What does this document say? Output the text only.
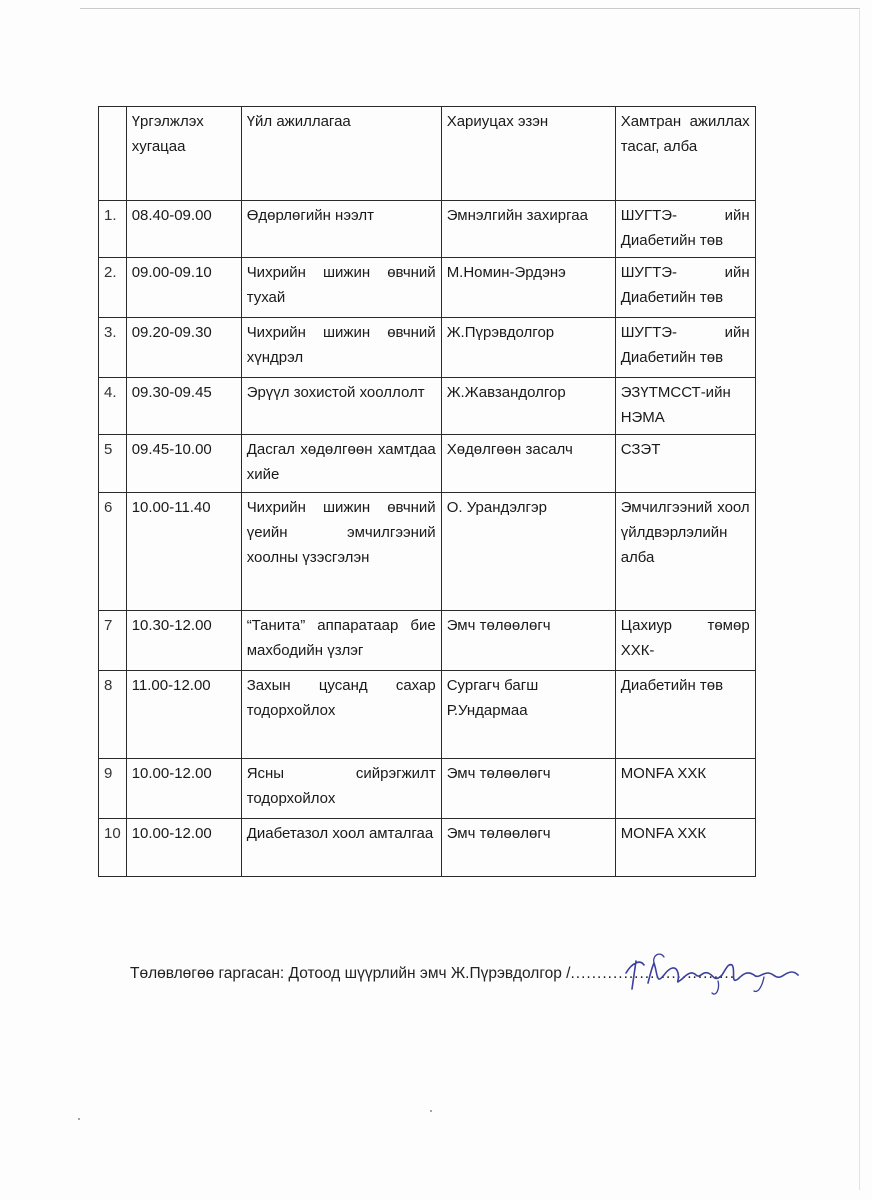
	Үргэлжлэх хугацаа	Үйл ажиллагаа	Хариуцах эзэн	Хамтран ажиллах тасаг, алба
1.	08.40-09.00	Өдөрлөгийн нээлт	Эмнэлгийн захиргаа	ШУГТЭ- ийн Диабетийн төв
2.	09.00-09.10	Чихрийн шижин өвчний тухай	М.Номин-Эрдэнэ	ШУГТЭ- ийн Диабетийн төв
3.	09.20-09.30	Чихрийн шижин өвчний хүндрэл	Ж.Пүрэвдолгор	ШУГТЭ- ийн Диабетийн төв
4.	09.30-09.45	Эрүүл зохистой хооллолт	Ж.Жавзандолгор	ЭЗҮТМССТ-ийн НЭМА
5	09.45-10.00	Дасгал хөдөлгөөн хамтдаа хийе	Хөдөлгөөн засалч	СЗЭТ
6	10.00-11.40	Чихрийн шижин өвчний үеийн эмчилгээний хоолны үзэсгэлэн	О. Урандэлгэр	Эмчилгээний хоол үйлдвэрлэлийн алба
7	10.30-12.00	“Танита” аппаратаар бие махбодийн үзлэг	Эмч төлөөлөгч	Цахиур төмөр ХХК-
8	11.00-12.00	Захын цусанд сахар тодорхойлох	Сургагч багш Р.Ундармаа	Диабетийн төв
9	10.00-12.00	Ясны сийрэгжилт тодорхойлох	Эмч төлөөлөгч	MONFA ХХК
10	10.00-12.00	Диабетазол хоол амталгаа	Эмч төлөөлөгч	MONFA ХХК
Төлөвлөгөө гаргасан: Дотоод шүүрлийн эмч Ж.Пүрэвдолгор /...............................
